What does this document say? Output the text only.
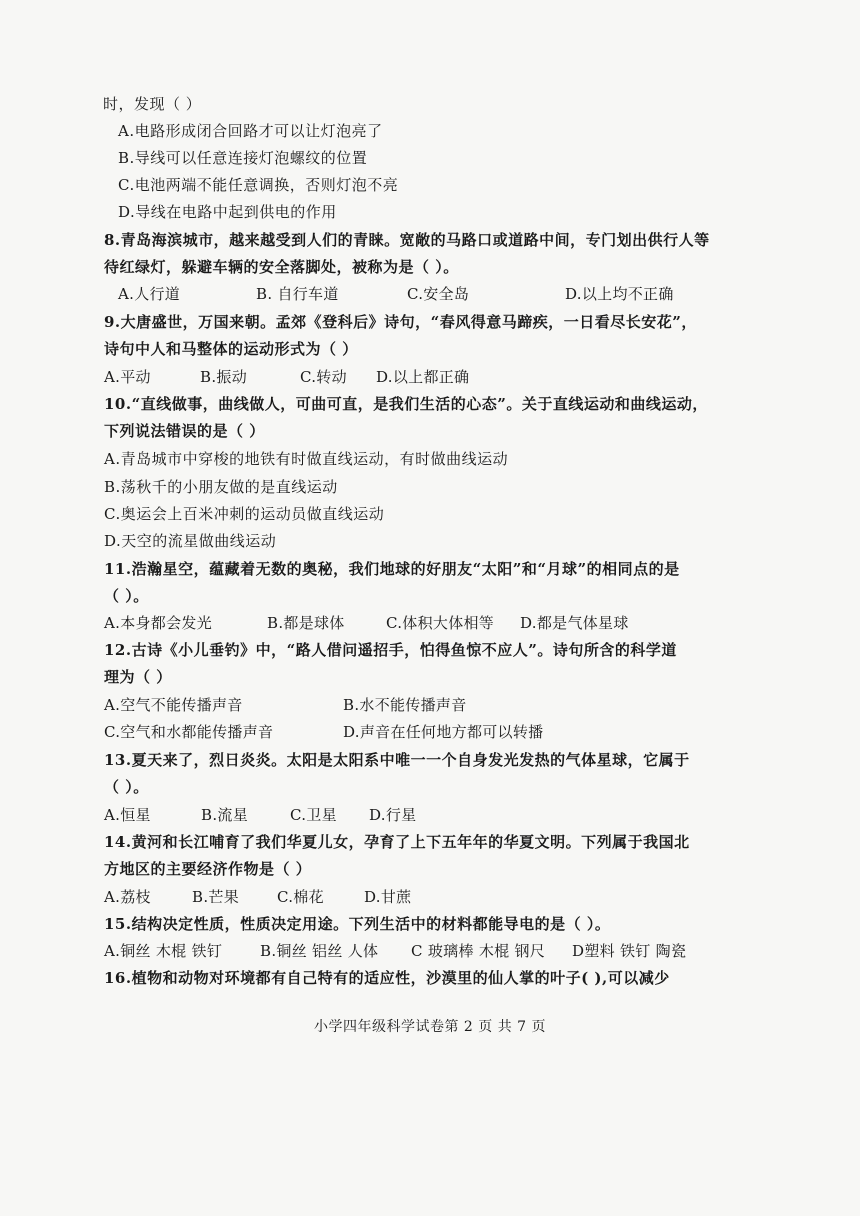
时，发现（ ）
A.电路形成闭合回路才可以让灯泡亮了
B.导线可以任意连接灯泡螺纹的位置
C.电池两端不能任意调换，否则灯泡不亮
D.导线在电路中起到供电的作用
8.青岛海滨城市，越来越受到人们的青睐。宽敞的马路口或道路中间，专门划出供行人等
待红绿灯，躲避车辆的安全落脚处，被称为是（ ）。
A.人行道	B. 自行车道	C.安全岛	D.以上均不正确
9.大唐盛世，万国来朝。孟郊《登科后》诗句，“春风得意马蹄疾，一日看尽长安花”，
诗句中人和马整体的运动形式为（ ）
A.平动	B.振动	C.转动 D.以上都正确
10.“直线做事，曲线做人，可曲可直，是我们生活的心态”。关于直线运动和曲线运动，
下列说法错误的是（ ）
A.青岛城市中穿梭的地铁有时做直线运动，有时做曲线运动
B.荡秋千的小朋友做的是直线运动
C.奥运会上百米冲刺的运动员做直线运动
D.天空的流星做曲线运动
11.浩瀚星空，蕴藏着无数的奥秘，我们地球的好朋友“太阳”和“月球”的相同点的是
（ ）。
A.本身都会发光	B.都是球体	C.体积大体相等 D.都是气体星球
12.古诗《小儿垂钓》中，“路人借问遥招手，怕得鱼惊不应人”。诗句所含的科学道
理为（ ）
A.空气不能传播声音	B.水不能传播声音
C.空气和水都能传播声音	D.声音在任何地方都可以转播
13.夏天来了，烈日炎炎。太阳是太阳系中唯一一个自身发光发热的气体星球，它属于
（ ）。
A.恒星	B.流星	C.卫星 D.行星
14.黄河和长江哺育了我们华夏儿女，孕育了上下五年年的华夏文明。下列属于我国北
方地区的主要经济作物是（ ）
A.荔枝	B.芒果	C.棉花	D.甘蔗
15.结构决定性质，性质决定用途。下列生活中的材料都能导电的是（ ）。
A.铜丝 木棍 铁钉	B.铜丝 铝丝 人体 C 玻璃棒 木棍 钢尺 D塑料 铁钉 陶瓷
16.植物和动物对环境都有自己特有的适应性，沙漠里的仙人掌的叶子( ),可以减少
小学四年级科学试卷第 2 页 共 7 页
